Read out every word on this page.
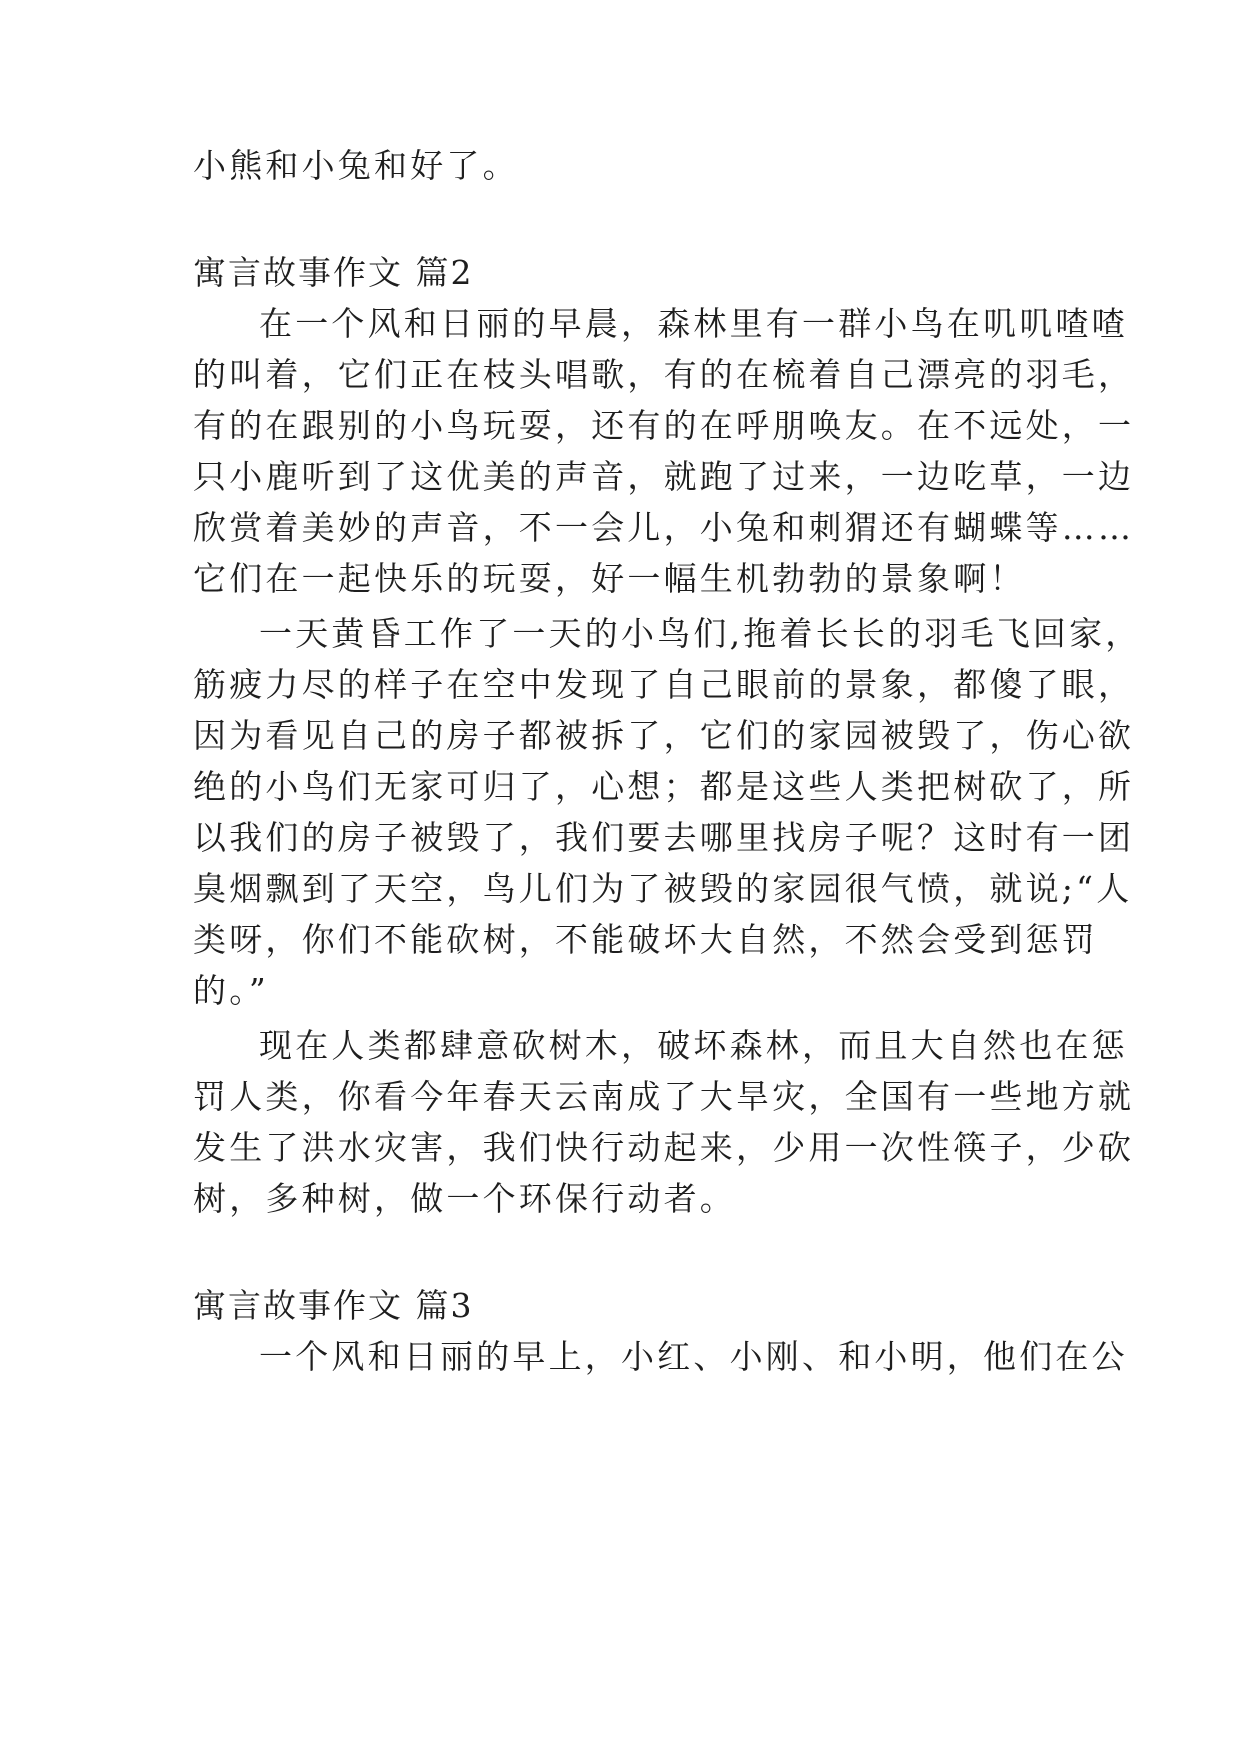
小熊和小兔和好了。
寓言故事作文 篇2
在一个风和日丽的早晨，森林里有一群小鸟在叽叽喳喳
的叫着，它们正在枝头唱歌，有的在梳着自己漂亮的羽毛，
有的在跟别的小鸟玩耍，还有的在呼朋唤友。在不远处，一
只小鹿听到了这优美的声音，就跑了过来，一边吃草，一边
欣赏着美妙的声音，不一会儿，小兔和刺猬还有蝴蝶等……
它们在一起快乐的玩耍，好一幅生机勃勃的景象啊！
一天黄昏工作了一天的小鸟们,拖着长长的羽毛飞回家，
筋疲力尽的样子在空中发现了自己眼前的景象，都傻了眼，
因为看见自己的房子都被拆了，它们的家园被毁了，伤心欲
绝的小鸟们无家可归了，心想；都是这些人类把树砍了，所
以我们的房子被毁了，我们要去哪里找房子呢？这时有一团
臭烟飘到了天空，鸟儿们为了被毁的家园很气愤，就说;“人
类呀，你们不能砍树，不能破坏大自然，不然会受到惩罚
的。”
现在人类都肆意砍树木，破坏森林，而且大自然也在惩
罚人类，你看今年春天云南成了大旱灾，全国有一些地方就
发生了洪水灾害，我们快行动起来，少用一次性筷子，少砍
树，多种树，做一个环保行动者。
寓言故事作文 篇3
一个风和日丽的早上，小红、小刚、和小明，他们在公
